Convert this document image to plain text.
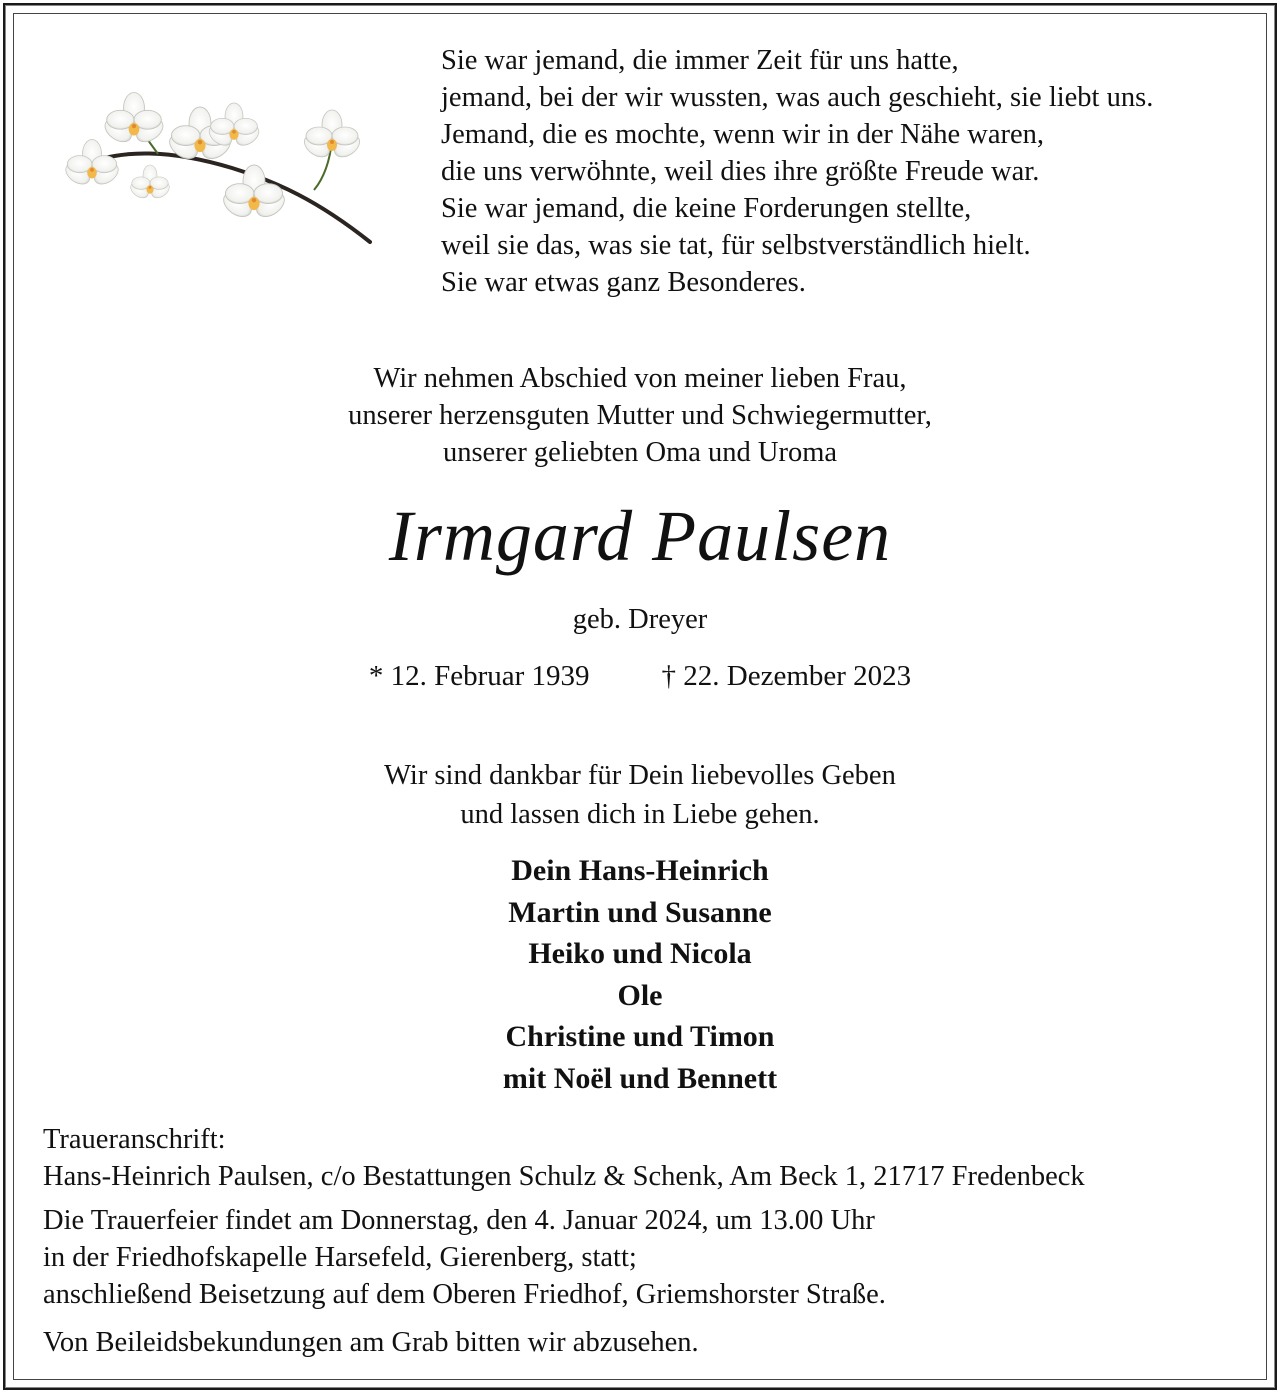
Sie war jemand, die immer Zeit für uns hatte,
jemand, bei der wir wussten, was auch geschieht, sie liebt uns.
Jemand, die es mochte, wenn wir in der Nähe waren,
die uns verwöhnte, weil dies ihre größte Freude war.
Sie war jemand, die keine Forderungen stellte,
weil sie das, was sie tat, für selbstverständlich hielt.
Sie war etwas ganz Besonderes.
Wir nehmen Abschied von meiner lieben Frau,
unserer herzensguten Mutter und Schwiegermutter,
unserer geliebten Oma und Uroma
Irmgard Paulsen
geb. Dreyer
* 12. Februar 1939 † 22. Dezember 2023
Wir sind dankbar für Dein liebevolles Geben
und lassen dich in Liebe gehen.
Dein Hans-Heinrich
Martin und Susanne
Heiko und Nicola
Ole
Christine und Timon
mit Noël und Bennett
Traueranschrift:
Hans-Heinrich Paulsen, c/o Bestattungen Schulz & Schenk, Am Beck 1, 21717 Fredenbeck
Die Trauerfeier findet am Donnerstag, den 4. Januar 2024, um 13.00 Uhr
in der Friedhofskapelle Harsefeld, Gierenberg, statt;
anschließend Beisetzung auf dem Oberen Friedhof, Griemshorster Straße.
Von Beileidsbekundungen am Grab bitten wir abzusehen.
